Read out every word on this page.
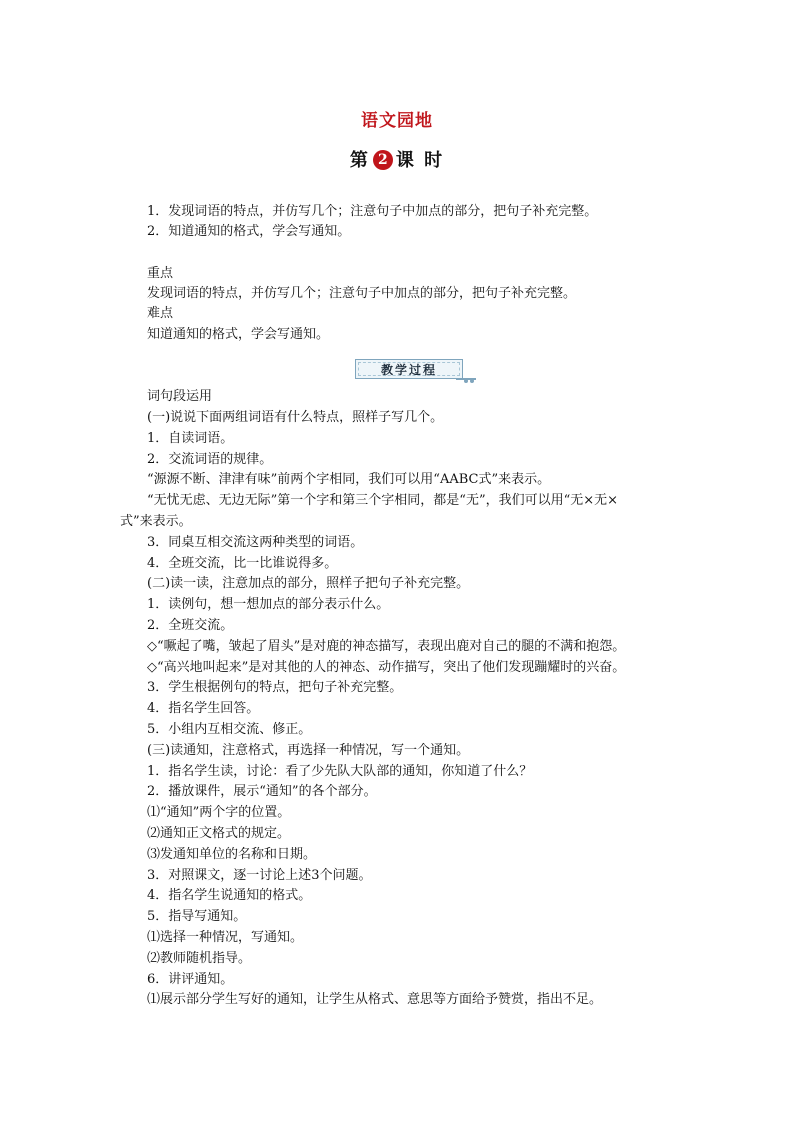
语文园地
第 2 课 时
1．发现词语的特点，并仿写几个；注意句子中加点的部分，把句子补充完整。
2．知道通知的格式，学会写通知。
重点
发现词语的特点，并仿写几个；注意句子中加点的部分，把句子补充完整。
难点
知道通知的格式，学会写通知。
教学过程
词句段运用
(一)说说下面两组词语有什么特点，照样子写几个。
1．自读词语。
2．交流词语的规律。
“源源不断、津津有味”前两个字相同，我们可以用“AABC式”来表示。
“无忧无虑、无边无际”第一个字和第三个字相同，都是“无”，我们可以用“无×无×
式”来表示。
3．同桌互相交流这两种类型的词语。
4．全班交流，比一比谁说得多。
(二)读一读，注意加点的部分，照样子把句子补充完整。
1．读例句，想一想加点的部分表示什么。
2．全班交流。
◇“噘起了嘴，皱起了眉头”是对鹿的神态描写，表现出鹿对自己的腿的不满和抱怨。
◇“高兴地叫起来”是对其他的人的神态、动作描写，突出了他们发现蹦耀时的兴奋。
3．学生根据例句的特点，把句子补充完整。
4．指名学生回答。
5．小组内互相交流、修正。
(三)读通知，注意格式，再选择一种情况，写一个通知。
1．指名学生读，讨论：看了少先队大队部的通知，你知道了什么？
2．播放课件，展示“通知”的各个部分。
⑴“通知”两个字的位置。
⑵通知正文格式的规定。
⑶发通知单位的名称和日期。
3．对照课文，逐一讨论上述3个问题。
4．指名学生说通知的格式。
5．指导写通知。
⑴选择一种情况，写通知。
⑵教师随机指导。
6．讲评通知。
⑴展示部分学生写好的通知，让学生从格式、意思等方面给予赞赏，指出不足。
